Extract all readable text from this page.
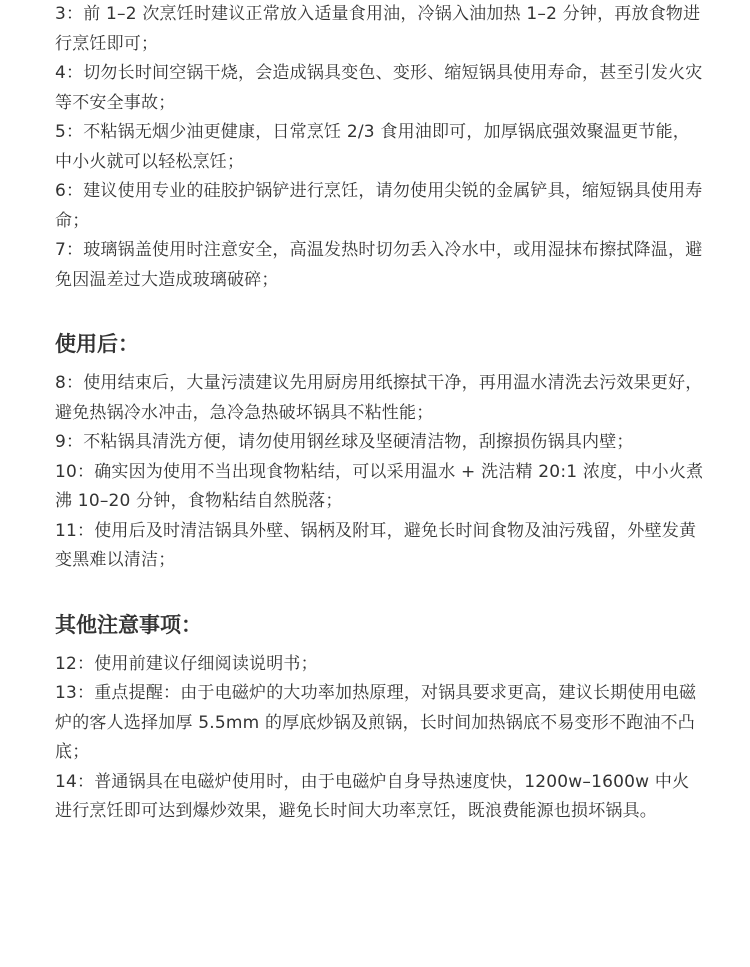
3：前 1–2 次烹饪时建议正常放入适量食用油，冷锅入油加热 1–2 分钟，再放食物进行烹饪即可；

4：切勿长时间空锅干烧，会造成锅具变色、变形、缩短锅具使用寿命，甚至引发火灾等不安全事故；

5：不粘锅无烟少油更健康，日常烹饪 2/3 食用油即可，加厚锅底强效聚温更节能，中小火就可以轻松烹饪；

6：建议使用专业的硅胶护锅铲进行烹饪，请勿使用尖锐的金属铲具，缩短锅具使用寿命；

7：玻璃锅盖使用时注意安全，高温发热时切勿丢入冷水中，或用湿抹布擦拭降温，避免因温差过大造成玻璃破碎；

使用后：

8：使用结束后，大量污渍建议先用厨房用纸擦拭干净，再用温水清洗去污效果更好，避免热锅冷水冲击，急冷急热破坏锅具不粘性能；

9：不粘锅具清洗方便，请勿使用钢丝球及坚硬清洁物，刮擦损伤锅具内壁；

10：确实因为使用不当出现食物粘结，可以采用温水 + 洗洁精 20:1 浓度，中小火煮沸 10–20 分钟，食物粘结自然脱落；

11：使用后及时清洁锅具外壁、锅柄及附耳，避免长时间食物及油污残留，外壁发黄变黑难以清洁；

其他注意事项：

12：使用前建议仔细阅读说明书；

13：重点提醒：由于电磁炉的大功率加热原理，对锅具要求更高，建议长期使用电磁炉的客人选择加厚 5.5mm 的厚底炒锅及煎锅，长时间加热锅底不易变形不跑油不凸底；

14：普通锅具在电磁炉使用时，由于电磁炉自身导热速度快，1200w–1600w 中火进行烹饪即可达到爆炒效果，避免长时间大功率烹饪，既浪费能源也损坏锅具。
